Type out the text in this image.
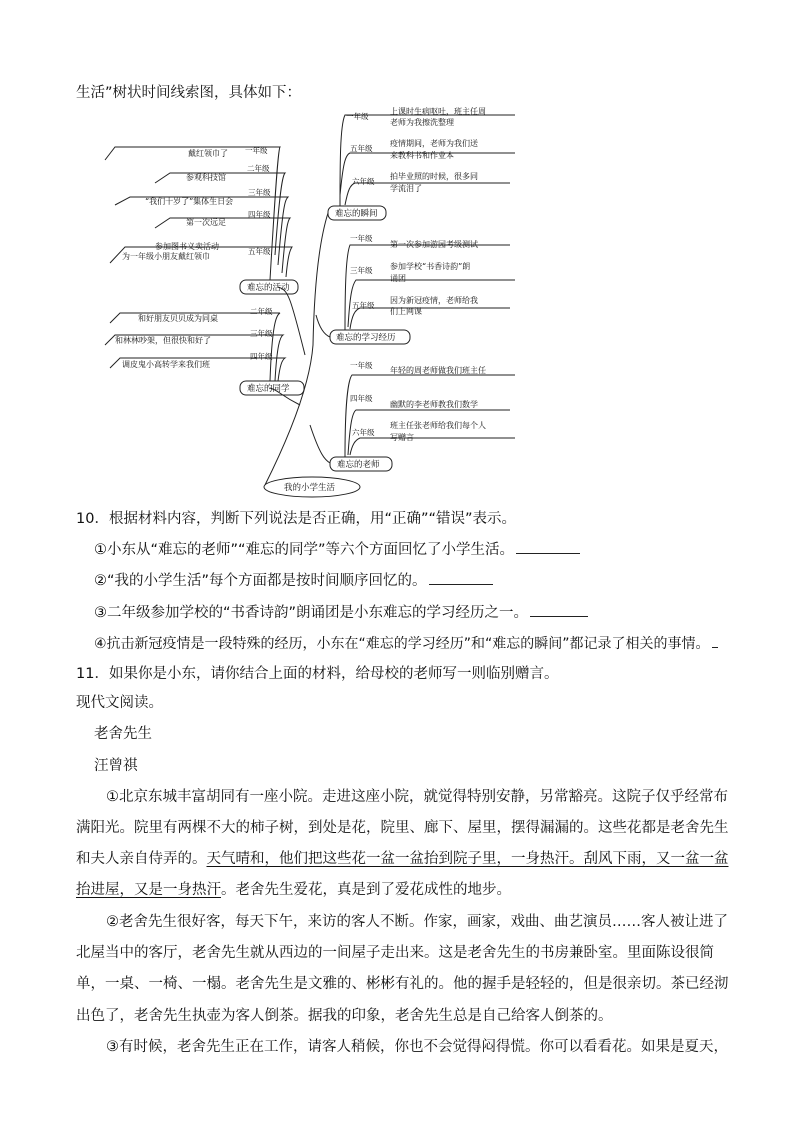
生活”树状时间线索图，具体如下：
我的小学生活
难忘的瞬间
难忘的活动
难忘的学习经历
难忘的同学
难忘的老师
一年级
上课时生病呕吐，班主任周
老师为我擦洗整理
五年级
疫情期间，老师为我们送
来教科书和作业本
六年级
拍毕业照的时候，很多同
学流泪了
一年级
戴红领巾了
二年级
参观科技馆
三年级
“我们十岁了”集体生日会
四年级
第一次远足
五年级
参加图书义卖活动
为一年级小朋友戴红领巾
一年级
第一次参加游园考级测试
三年级 参加学校“书香诗韵”朗
诵团
五年级
因为新冠疫情，老师给我
们上网课
二年级
和好朋友贝贝成为同桌
三年级
和林林吵架，但很快和好了
四年级
调皮鬼小高转学来我们班	一年级
年轻的周老师做我们班主任
四年级
幽默的李老师教我们数学
六年级
班主任张老师给我们每个人
写赠言
10．根据材料内容，判断下列说法是否正确，用“正确”“错误”表示。
①小东从“难忘的老师”“难忘的同学”等六个方面回忆了小学生活。
②“我的小学生活”每个方面都是按时间顺序回忆的。
③二年级参加学校的“书香诗韵”朗诵团是小东难忘的学习经历之一。
④抗击新冠疫情是一段特殊的经历，小东在“难忘的学习经历”和“难忘的瞬间”都记录了相关的事情。
11．如果你是小东，请你结合上面的材料，给母校的老师写一则临别赠言。
现代文阅读。
老舍先生
汪曾祺
①北京东城丰富胡同有一座小院。走进这座小院，就觉得特别安静，另常豁亮。这院子仅乎经常布
满阳光。院里有两棵不大的柿子树，到处是花，院里、廊下、屋里，摆得漏漏的。这些花都是老舍先生
和夫人亲自侍弄的。天气晴和，他们把这些花一盆一盆抬到院子里，一身热汗。刮风下雨，又一盆一盆
抬进屋，又是一身热汗。老舍先生爱花，真是到了爱花成性的地步。
②老舍先生很好客，每天下午，来访的客人不断。作家，画家，戏曲、曲艺演员……客人被让进了
北屋当中的客厅，老舍先生就从西边的一间屋子走出来。这是老舍先生的书房兼卧室。里面陈设很简
单，一桌、一椅、一榻。老舍先生是文雅的、彬彬有礼的。他的握手是轻轻的，但是很亲切。茶已经沏
出色了，老舍先生执壶为客人倒茶。据我的印象，老舍先生总是自己给客人倒茶的。
③有时候，老舍先生正在工作，请客人稍候，你也不会觉得闷得慌。你可以看看花。如果是夏天，
